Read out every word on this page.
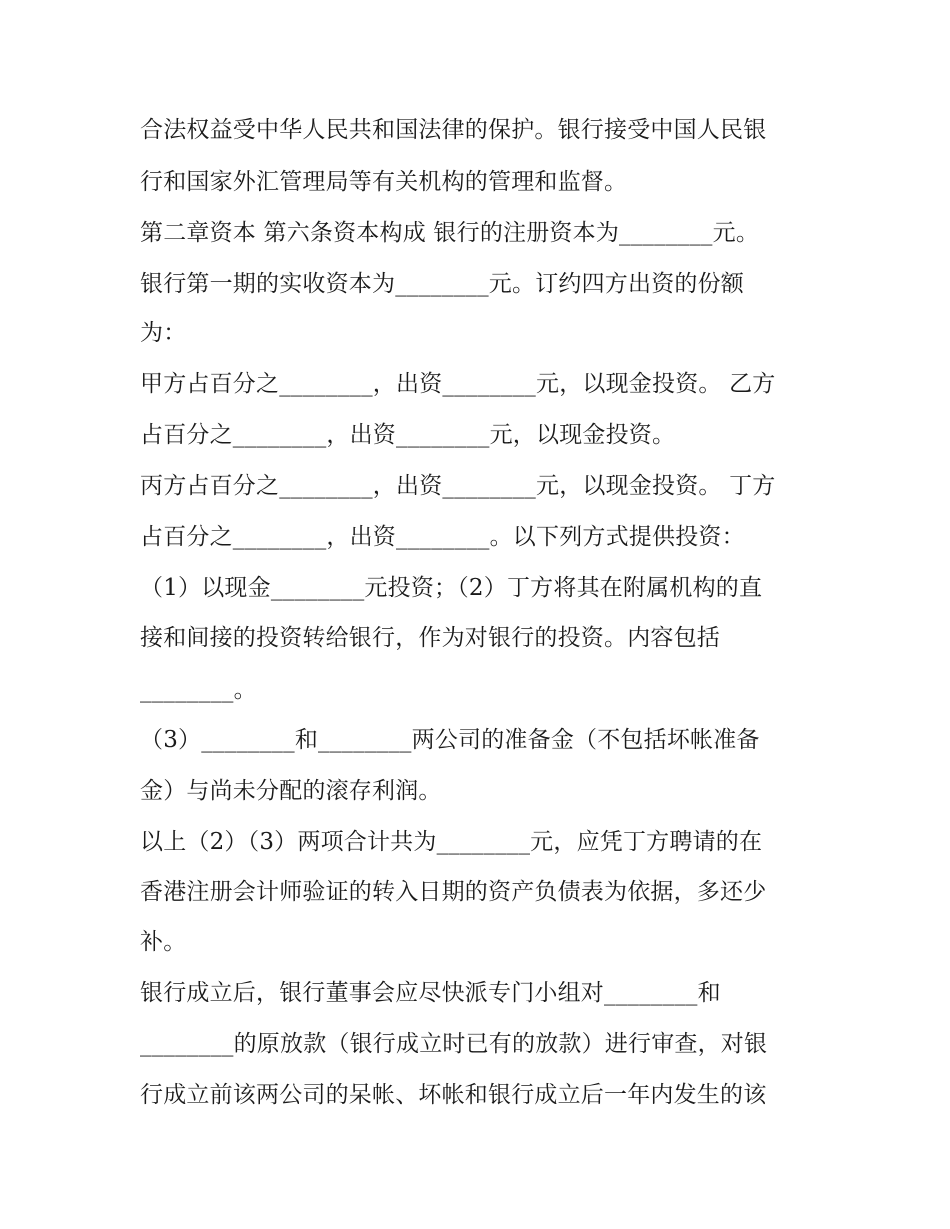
合法权益受中华人民共和国法律的保护。银行接受中国人民银
行和国家外汇管理局等有关机构的管理和监督。
第二章资本 第六条资本构成 银行的注册资本为________元。
银行第一期的实收资本为________元。订约四方出资的份额
为：
甲方占百分之________，出资________元，以现金投资。 乙方
占百分之________，出资________元，以现金投资。
丙方占百分之________，出资________元，以现金投资。 丁方
占百分之________，出资________。以下列方式提供投资：
（1）以现金________元投资；（2）丁方将其在附属机构的直
接和间接的投资转给银行，作为对银行的投资。内容包括
________。
（3）________和________两公司的准备金（不包括坏帐准备
金）与尚未分配的滚存利润。
以上（2）（3）两项合计共为________元，应凭丁方聘请的在
香港注册会计师验证的转入日期的资产负债表为依据，多还少
补。
银行成立后，银行董事会应尽快派专门小组对________和
________的原放款（银行成立时已有的放款）进行审查，对银
行成立前该两公司的呆帐、坏帐和银行成立后一年内发生的该
